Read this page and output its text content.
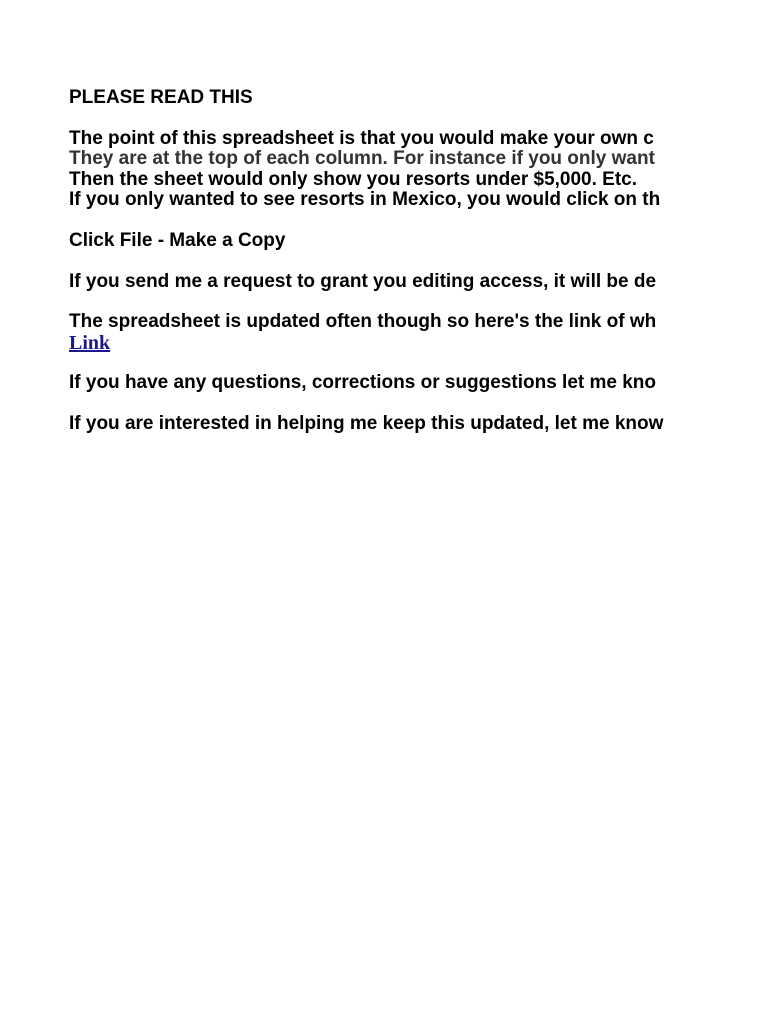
PLEASE READ THIS
The point of this spreadsheet is that you would make your own c
They are at the top of each column. For instance if you only want
Then the sheet would only show you resorts under $5,000. Etc.
If you only wanted to see resorts in Mexico, you would click on th
Click File - Make a Copy
If you send me a request to grant you editing access, it will be de
The spreadsheet is updated often though so here's the link of wh
Link
If you have any questions, corrections or suggestions let me kno
If you are interested in helping me keep this updated, let me know
